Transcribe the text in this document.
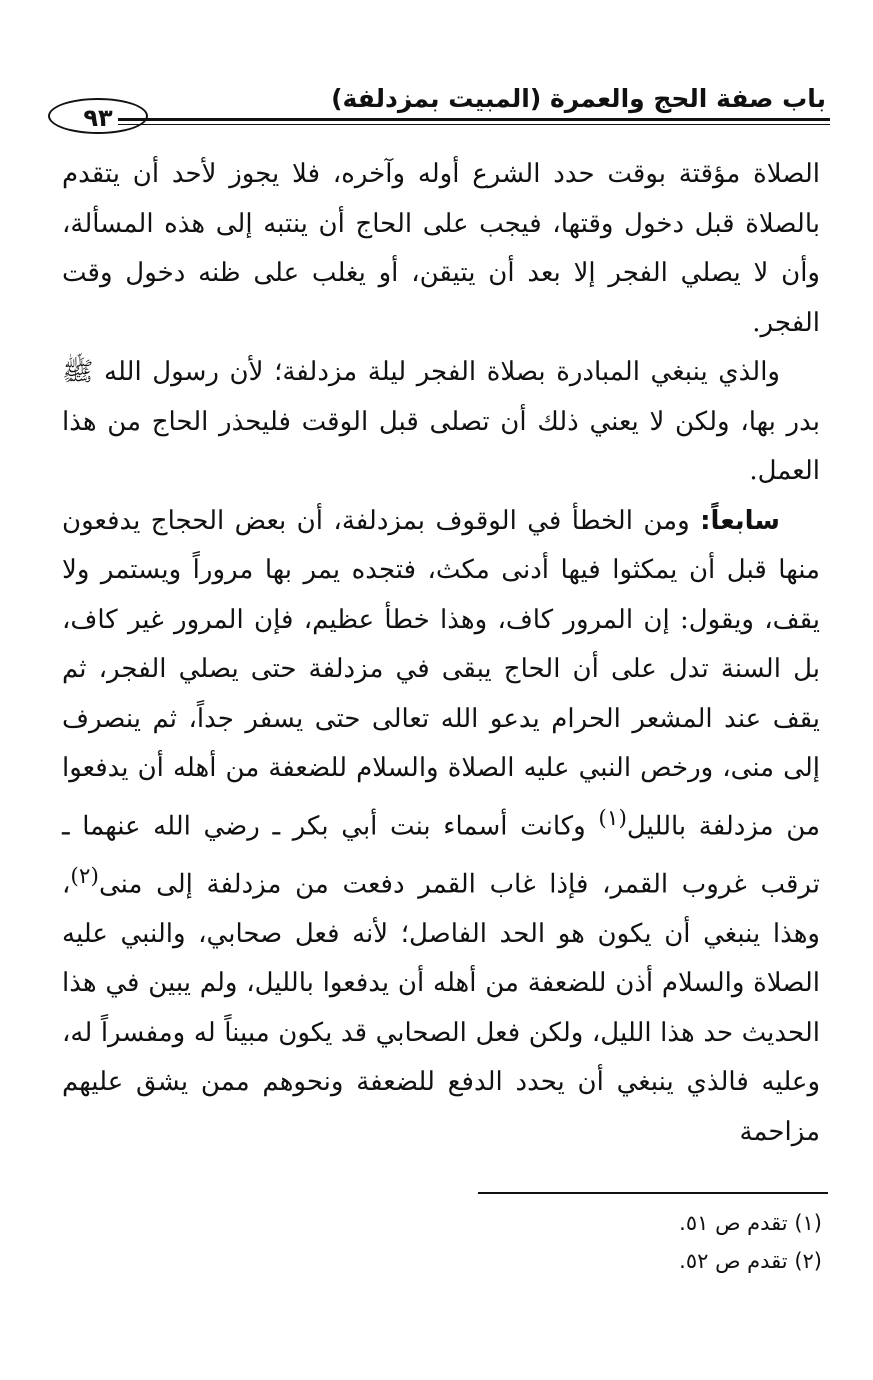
٩٣
باب صفة الحج والعمرة (المبيت بمزدلفة)

الصلاة مؤقتة بوقت حدد الشرع أوله وآخره، فلا يجوز لأحد أن يتقدم بالصلاة قبل دخول وقتها، فيجب على الحاج أن ينتبه إلى هذه المسألة، وأن لا يصلي الفجر إلا بعد أن يتيقن، أو يغلب على ظنه دخول وقت الفجر.

والذي ينبغي المبادرة بصلاة الفجر ليلة مزدلفة؛ لأن رسول الله ﷺ بدر بها، ولكن لا يعني ذلك أن تصلى قبل الوقت فليحذر الحاج من هذا العمل.

سابعاً: ومن الخطأ في الوقوف بمزدلفة، أن بعض الحجاج يدفعون منها قبل أن يمكثوا فيها أدنى مكث، فتجده يمر بها مروراً ويستمر ولا يقف، ويقول: إن المرور كاف، وهذا خطأ عظيم، فإن المرور غير كاف، بل السنة تدل على أن الحاج يبقى في مزدلفة حتى يصلي الفجر، ثم يقف عند المشعر الحرام يدعو الله تعالى حتى يسفر جداً، ثم ينصرف إلى منى، ورخص النبي عليه الصلاة والسلام للضعفة من أهله أن يدفعوا من مزدلفة بالليل$^{(١)}$ وكانت أسماء بنت أبي بكر ـ رضي الله عنهما ـ ترقب غروب القمر، فإذا غاب القمر دفعت من مزدلفة إلى منى$^{(٢)}$، وهذا ينبغي أن يكون هو الحد الفاصل؛ لأنه فعل صحابي، والنبي عليه الصلاة والسلام أذن للضعفة من أهله أن يدفعوا بالليل، ولم يبين في هذا الحديث حد هذا الليل، ولكن فعل الصحابي قد يكون مبيناً له ومفسراً له، وعليه فالذي ينبغي أن يحدد الدفع للضعفة ونحوهم ممن يشق عليهم مزاحمة

(١) تقدم ص ٥١.

(٢) تقدم ص ٥٢.
